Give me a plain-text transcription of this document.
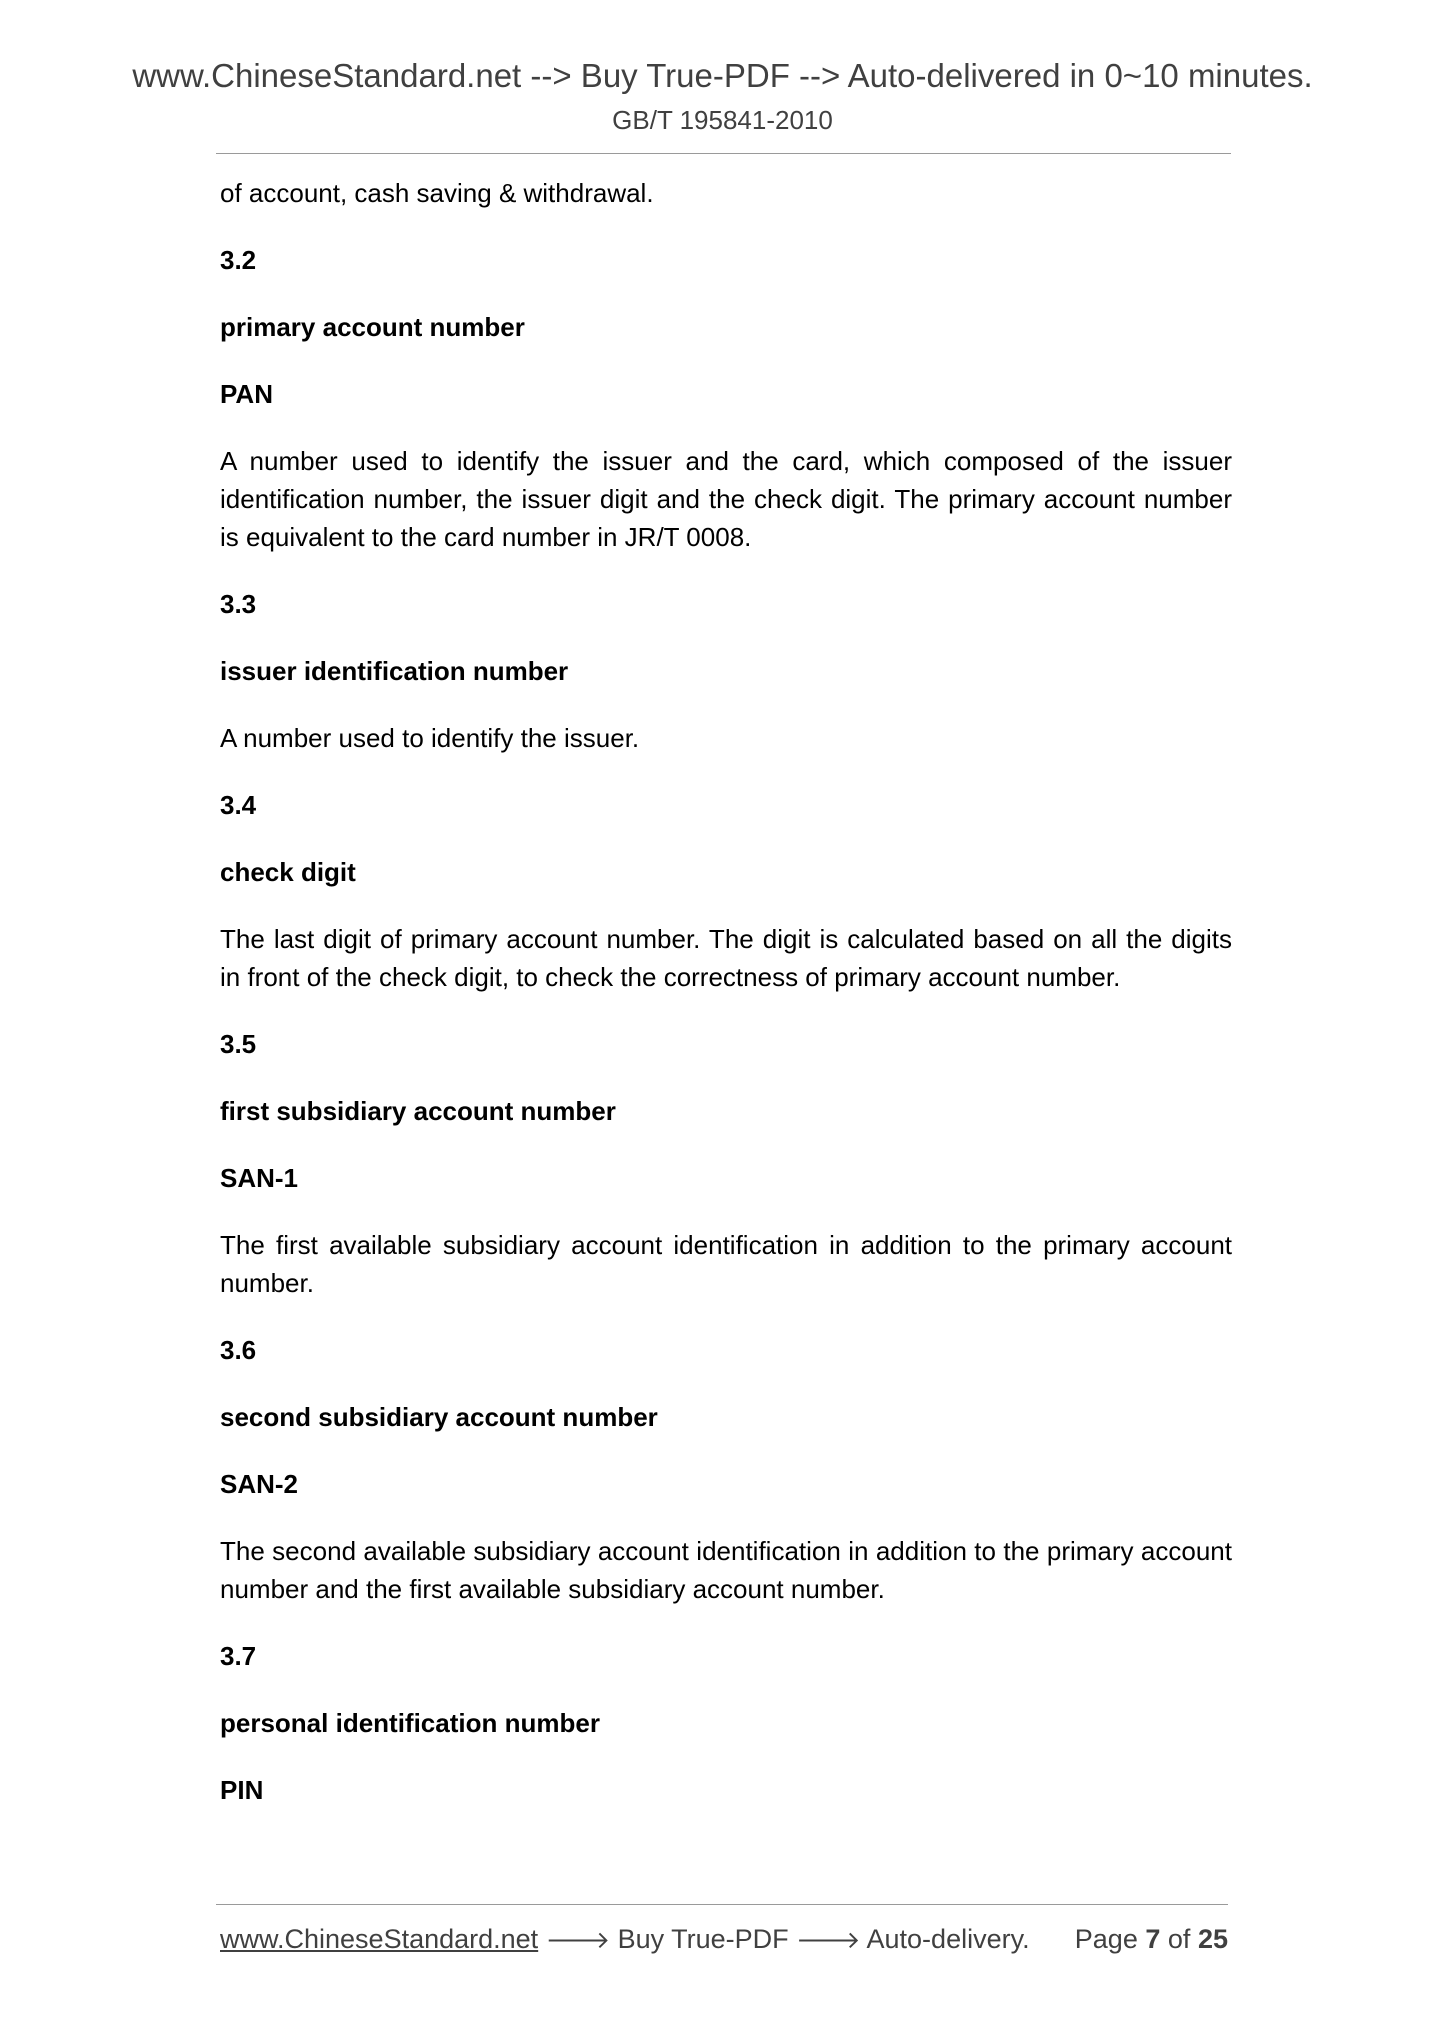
www.ChineseStandard.net --> Buy True-PDF --> Auto-delivered in 0~10 minutes.
GB/T 195841-2010

of account, cash saving & withdrawal.

3.2

primary account number

PAN

A number used to identify the issuer and the card, which composed of the issuer identification number, the issuer digit and the check digit. The primary account number is equivalent to the card number in JR/T 0008.

3.3

issuer identification number

A number used to identify the issuer.

3.4

check digit

The last digit of primary account number. The digit is calculated based on all the digits in front of the check digit, to check the correctness of primary account number.

3.5

first subsidiary account number

SAN-1

The first available subsidiary account identification in addition to the primary account number.

3.6

second subsidiary account number

SAN-2

The second available subsidiary account identification in addition to the primary account number and the first available subsidiary account number.

3.7

personal identification number

PIN

www.ChineseStandard.net 🡒 Buy True-PDF 🡒 Auto-delivery. Page 7 of 25
